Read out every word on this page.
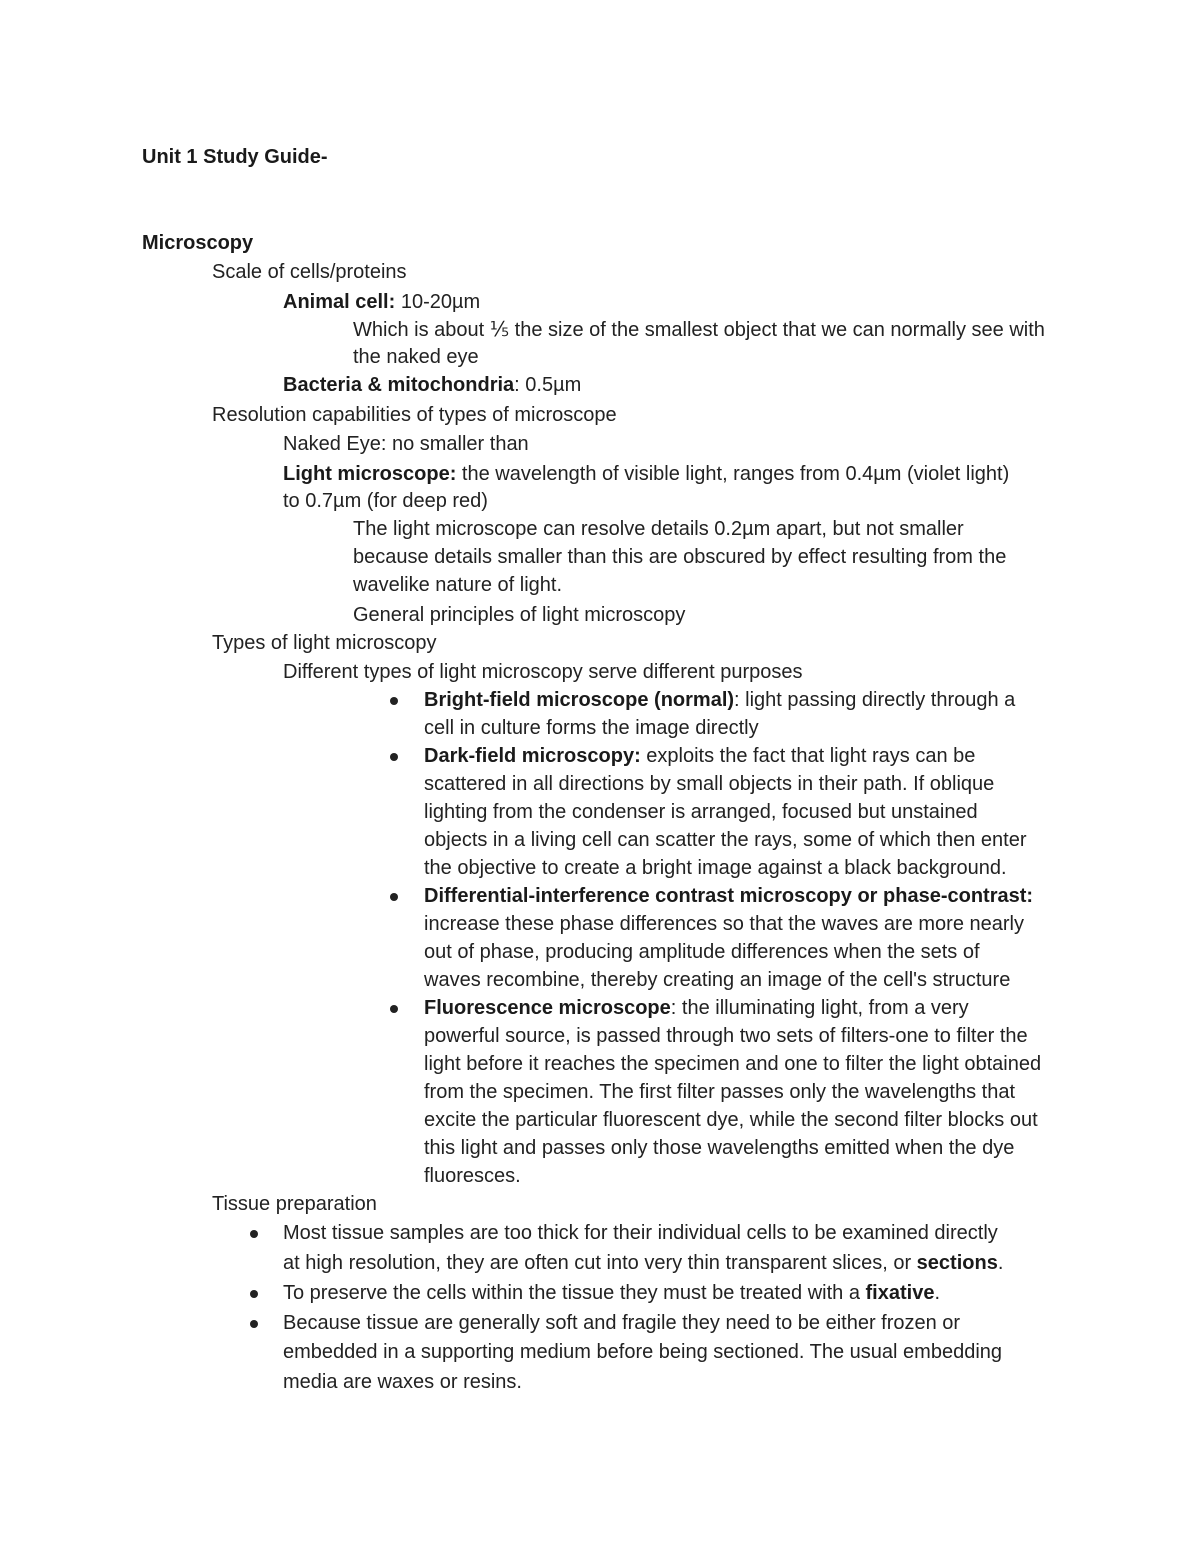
Unit 1 Study Guide-
Microscopy
Scale of cells/proteins
Animal cell: 10-20µm
Which is about ⅕ the size of the smallest object that we can normally see with
the naked eye
Bacteria & mitochondria: 0.5µm
Resolution capabilities of types of microscope
Naked Eye: no smaller than
Light microscope: the wavelength of visible light, ranges from 0.4µm (violet light)
to 0.7µm (for deep red)
The light microscope can resolve details 0.2µm apart, but not smaller
because details smaller than this are obscured by effect resulting from the
wavelike nature of light.
General principles of light microscopy
Types of light microscopy
Different types of light microscopy serve different purposes
Bright-field microscope (normal): light passing directly through a
cell in culture forms the image directly
Dark-field microscopy: exploits the fact that light rays can be
scattered in all directions by small objects in their path. If oblique
lighting from the condenser is arranged, focused but unstained
objects in a living cell can scatter the rays, some of which then enter
the objective to create a bright image against a black background.
Differential-interference contrast microscopy or phase-contrast:
increase these phase differences so that the waves are more nearly
out of phase, producing amplitude differences when the sets of
waves recombine, thereby creating an image of the cell's structure
Fluorescence microscope: the illuminating light, from a very
powerful source, is passed through two sets of filters-one to filter the
light before it reaches the specimen and one to filter the light obtained
from the specimen. The first filter passes only the wavelengths that
excite the particular fluorescent dye, while the second filter blocks out
this light and passes only those wavelengths emitted when the dye
fluoresces.
Tissue preparation
Most tissue samples are too thick for their individual cells to be examined directly
at high resolution, they are often cut into very thin transparent slices, or sections.
To preserve the cells within the tissue they must be treated with a fixative.
Because tissue are generally soft and fragile they need to be either frozen or
embedded in a supporting medium before being sectioned. The usual embedding
media are waxes or resins.
